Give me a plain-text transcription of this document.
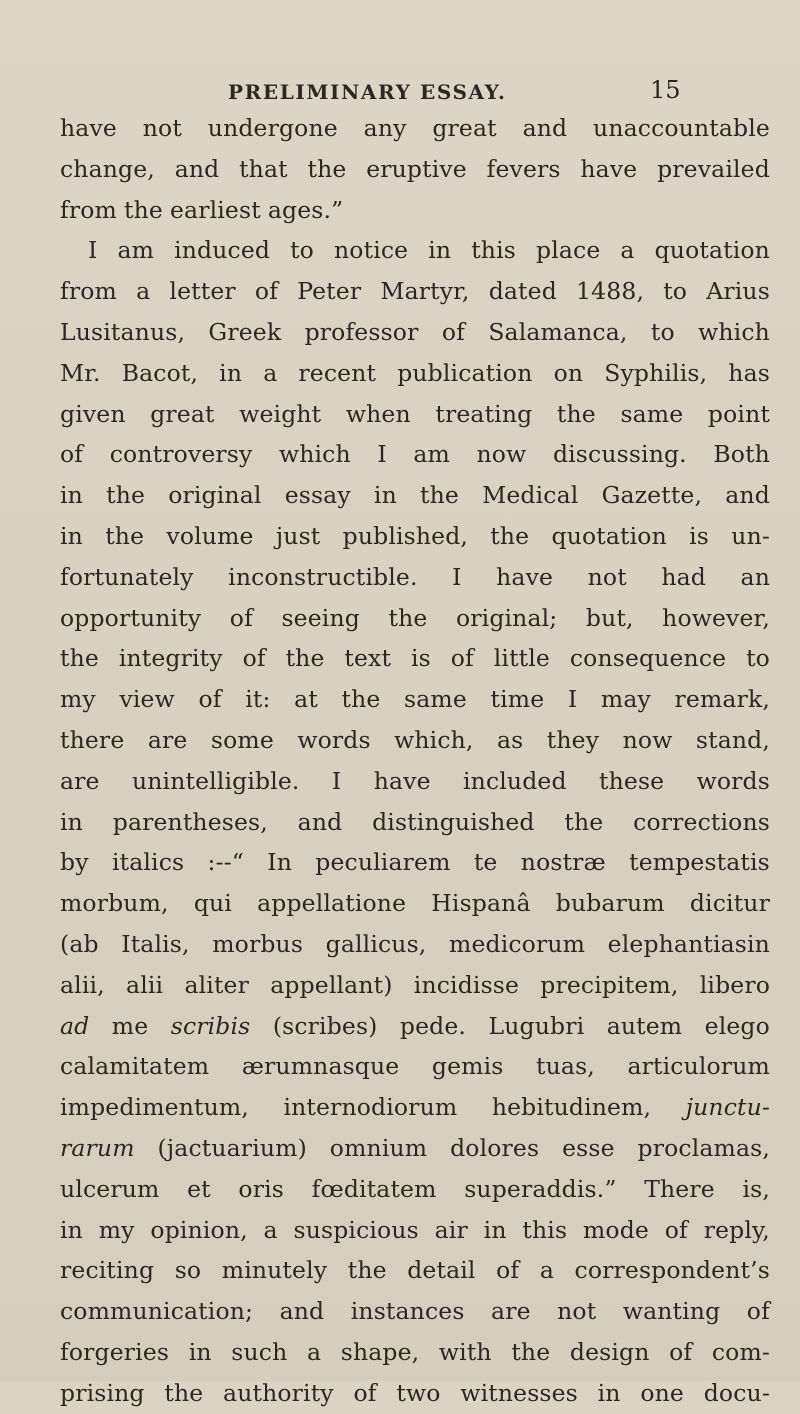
PRELIMINARY ESSAY.	15
have not undergone any great and unaccountable
change, and that the eruptive fevers have prevailed
from the earliest ages.”
I am induced to notice in this place a quotation
from a letter of Peter Martyr, dated 1488, to Arius
Lusitanus, Greek professor of Salamanca, to which
Mr. Bacot, in a recent publication on Syphilis, has
given great weight when treating the same point
of controversy which I am now discussing. Both
in the original essay in the Medical Gazette, and
in the volume just published, the quotation is un-
fortunately inconstructible. I have not had an
opportunity of seeing the original; but, however,
the integrity of the text is of little consequence to
my view of it: at the same time I may remark,
there are some words which, as they now stand,
are unintelligible. I have included these words
in parentheses, and distinguished the corrections
by italics :--“ In peculiarem te nostræ tempestatis
morbum, qui appellatione Hispanâ bubarum dicitur
(ab Italis, morbus gallicus, medicorum elephantiasin
alii, alii aliter appellant) incidisse precipitem, libero
ad me scribis (scribes) pede. Lugubri autem elego
calamitatem ærumnasque gemis tuas, articulorum
impedimentum, internodiorum hebitudinem, junctu-
rarum (jactuarium) omnium dolores esse proclamas,
ulcerum et oris fœditatem superaddis.” There is,
in my opinion, a suspicious air in this mode of reply,
reciting so minutely the detail of a correspondent’s
communication; and instances are not wanting of
forgeries in such a shape, with the design of com-
prising the authority of two witnesses in one docu-
